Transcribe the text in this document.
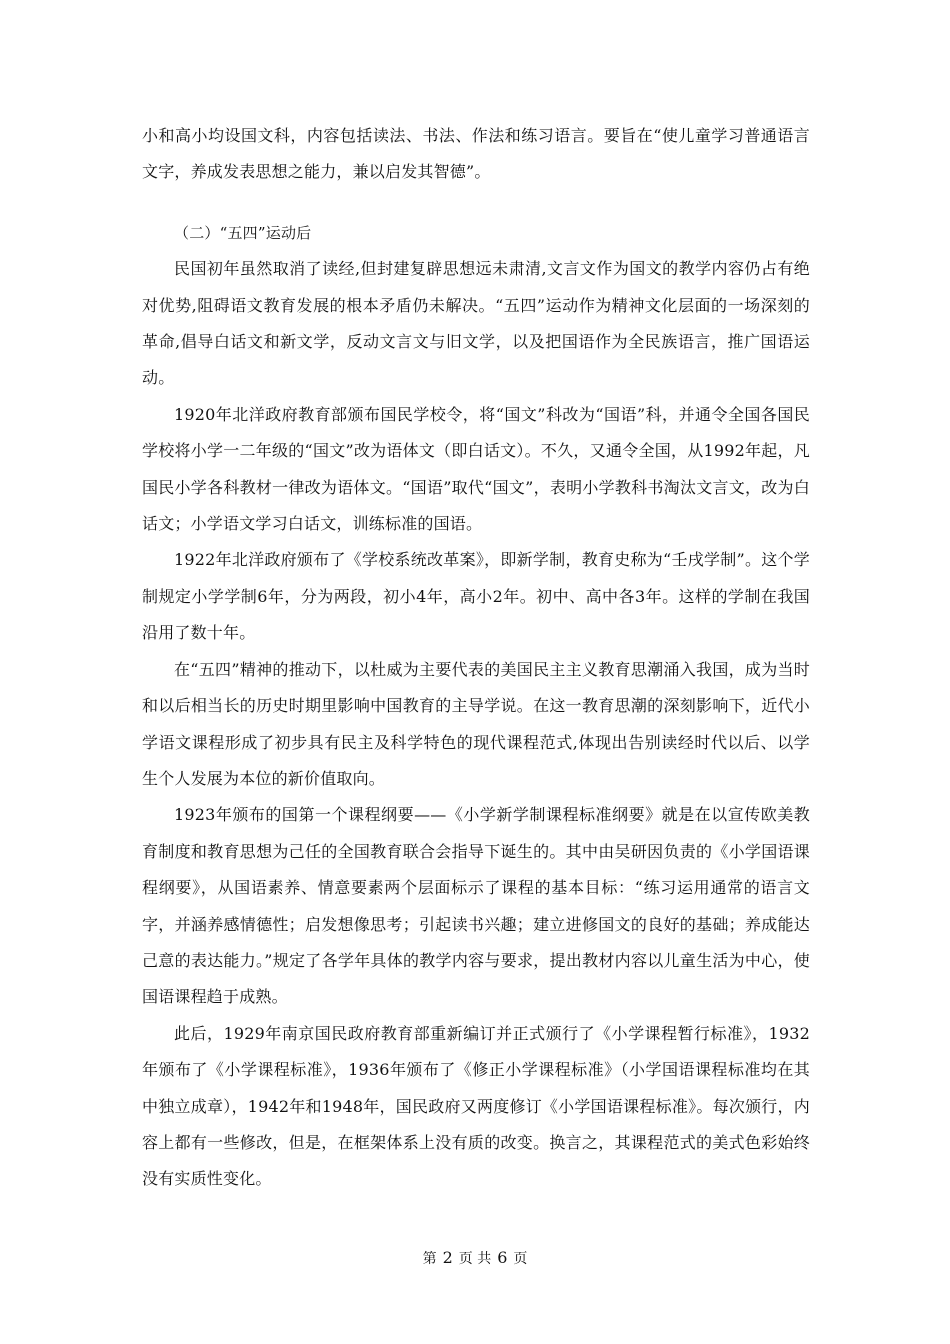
小和高小均设国文科，内容包括读法、书法、作法和练习语言。要旨在“使儿童学习普通语言文字，养成发表思想之能力，兼以启发其智德”。

（二）“五四”运动后

民国初年虽然取消了读经,但封建复辟思想远未肃清,文言文作为国文的教学内容仍占有绝对优势,阻碍语文教育发展的根本矛盾仍未解决。“五四”运动作为精神文化层面的一场深刻的革命,倡导白话文和新文学，反动文言文与旧文学，以及把国语作为全民族语言，推广国语运动。

1920年北洋政府教育部颁布国民学校令，将“国文”科改为“国语”科，并通令全国各国民学校将小学一二年级的“国文”改为语体文（即白话文）。不久，又通令全国，从1992年起，凡国民小学各科教材一律改为语体文。“国语”取代“国文”，表明小学教科书淘汰文言文，改为白话文；小学语文学习白话文，训练标准的国语。

1922年北洋政府颁布了《学校系统改革案》，即新学制，教育史称为“壬戌学制”。这个学制规定小学学制6年，分为两段，初小4年，高小2年。初中、高中各3年。这样的学制在我国沿用了数十年。

在“五四”精神的推动下，以杜威为主要代表的美国民主主义教育思潮涌入我国，成为当时和以后相当长的历史时期里影响中国教育的主导学说。在这一教育思潮的深刻影响下，近代小学语文课程形成了初步具有民主及科学特色的现代课程范式,体现出告别读经时代以后、以学生个人发展为本位的新价值取向。

1923年颁布的国第一个课程纲要——《小学新学制课程标准纲要》就是在以宣传欧美教育制度和教育思想为己任的全国教育联合会指导下诞生的。其中由吴研因负责的《小学国语课程纲要》，从国语素养、情意要素两个层面标示了课程的基本目标：“练习运用通常的语言文字，并涵养感情德性；启发想像思考；引起读书兴趣；建立进修国文的良好的基础；养成能达己意的表达能力。”规定了各学年具体的教学内容与要求，提出教材内容以儿童生活为中心，使国语课程趋于成熟。

此后，1929年南京国民政府教育部重新编订并正式颁行了《小学课程暂行标准》，1932年颁布了《小学课程标准》，1936年颁布了《修正小学课程标准》（小学国语课程标准均在其中独立成章），1942年和1948年，国民政府又两度修订《小学国语课程标准》。每次颁行，内容上都有一些修改，但是，在框架体系上没有质的改变。换言之，其课程范式的美式色彩始终没有实质性变化。

第 2 页 共 6 页
